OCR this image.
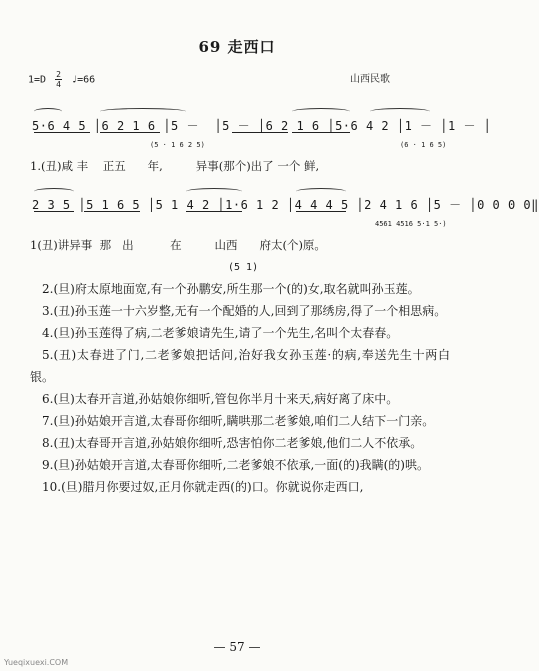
69 走西口
$1=D \frac{2}{4}$ ♩=66	山西民歌
5·6 4 5 │6 2 1 6 │5 －  │5 － │6 2 1 6 │5·6 4 2 │1 － │1 － │
(5 · 1 6 2 5)	(6 · 1 6 5)
1.(丑)咸 丰    正五      年,         异事(那个)出了 一个 鲜,
2 3 5 │5 1 6 5 │5 1 4 2 │1·6 1 2 │4 4 4 5 │2 4 1 6 │5 － │0 0 0 0‖
4561 4516 5·1 5·)
1(丑)讲异事  那   出          在         山西      府太(个)原。
(5 1)

2.(旦)府太原地面宽,有一个孙鹏安,所生那一个(的)女,取名就叫孙玉莲。

3.(丑)孙玉莲一十六岁整,无有一个配婚的人,回到了那绣房,得了一个相思病。

4.(旦)孙玉莲得了病,二老爹娘请先生,请了一个先生,名叫个太春春。

5.(丑)太春进了门,二老爹娘把话问,治好我女孙玉莲·的病,奉送先生十两白银。

6.(旦)太春开言道,孙姑娘你细听,管包你半月十来天,病好离了床中。

7.(旦)孙姑娘开言道,太春哥你细听,瞒哄那二老爹娘,咱们二人结下一门亲。

8.(丑)太春哥开言道,孙姑娘你细听,恐害怕你二老爹娘,他们二人不依承。

9.(旦)孙姑娘开言道,太春哥你细听,二老爹娘不依承,一面(的)我瞒(的)哄。

10.(旦)腊月你要过奴,正月你就走西(的)口。你就说你走西口,

— 57 —
Yueqixuexi.COM
